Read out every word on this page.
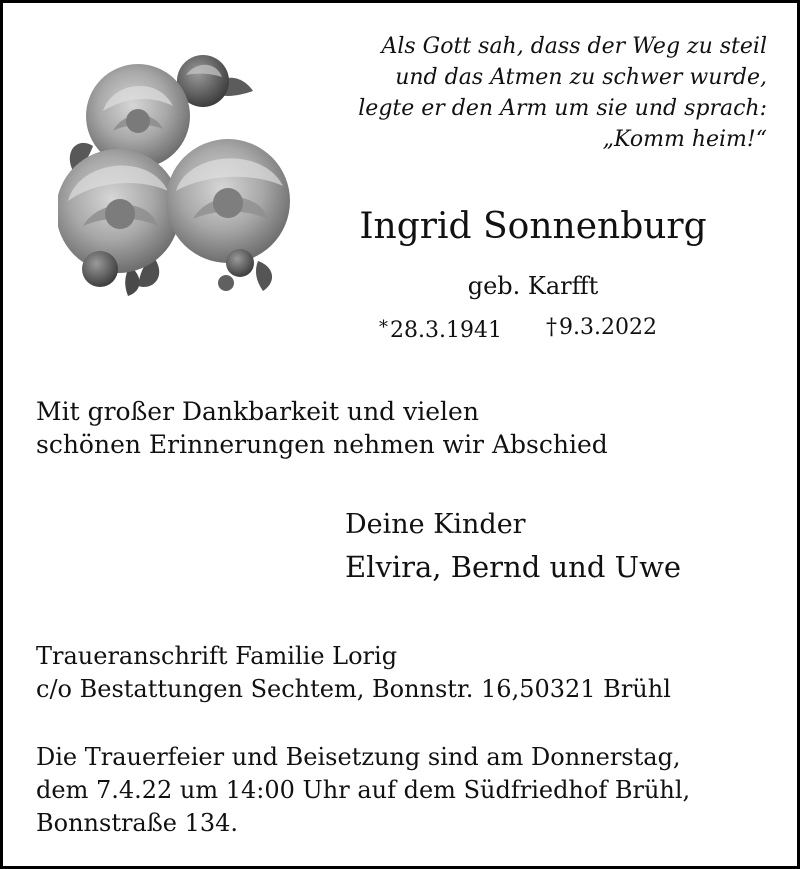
Als Gott sah, dass der Weg zu steil
und das Atmen zu schwer wurde,
legte er den Arm um sie und sprach:
„Komm heim!“
Ingrid Sonnenburg
geb. Karfft
*28.3.1941 †9.3.2022
Mit großer Dankbarkeit und vielen
schönen Erinnerungen nehmen wir Abschied
Deine Kinder
Elvira, Bernd und Uwe
Traueranschrift Familie Lorig
c/o Bestattungen Sechtem, Bonnstr. 16,50321 Brühl
Die Trauerfeier und Beisetzung sind am Donnerstag,
dem 7.4.22 um 14:00 Uhr auf dem Südfriedhof Brühl,
Bonnstraße 134.
